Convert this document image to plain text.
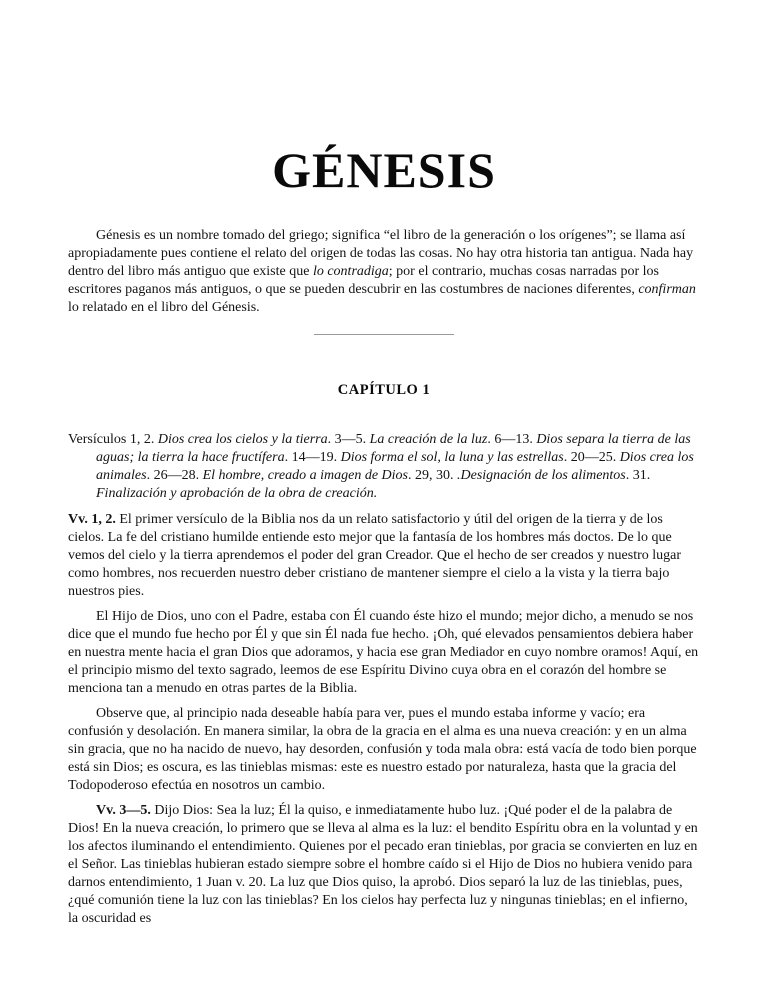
GÉNESIS

Génesis es un nombre tomado del griego; significa “el libro de la generación o los orígenes”; se llama así apropiadamente pues contiene el relato del origen de todas las cosas. No hay otra historia tan antigua. Nada hay dentro del libro más antiguo que existe que lo contradiga; por el contrario, muchas cosas narradas por los escritores paganos más antiguos, o que se pueden descubrir en las costumbres de naciones diferentes, confirman lo relatado en el libro del Génesis.

CAPÍTULO 1

Versículos 1, 2. Dios crea los cielos y la tierra. 3—5. La creación de la luz. 6—13. Dios separa la tierra de las aguas; la tierra la hace fructífera. 14—19. Dios forma el sol, la luna y las estrellas. 20—25. Dios crea los animales. 26—28. El hombre, creado a imagen de Dios. 29, 30. .Designación de los alimentos. 31. Finalización y aprobación de la obra de creación.

Vv. 1, 2. El primer versículo de la Biblia nos da un relato satisfactorio y útil del origen de la tierra y de los cielos. La fe del cristiano humilde entiende esto mejor que la fantasía de los hombres más doctos. De lo que vemos del cielo y la tierra aprendemos el poder del gran Creador. Que el hecho de ser creados y nuestro lugar como hombres, nos recuerden nuestro deber cristiano de mantener siempre el cielo a la vista y la tierra bajo nuestros pies.

El Hijo de Dios, uno con el Padre, estaba con Él cuando éste hizo el mundo; mejor dicho, a menudo se nos dice que el mundo fue hecho por Él y que sin Él nada fue hecho. ¡Oh, qué elevados pensamientos debiera haber en nuestra mente hacia el gran Dios que adoramos, y hacia ese gran Mediador en cuyo nombre oramos! Aquí, en el principio mismo del texto sagrado, leemos de ese Espíritu Divino cuya obra en el corazón del hombre se menciona tan a menudo en otras partes de la Biblia.

Observe que, al principio nada deseable había para ver, pues el mundo estaba informe y vacío; era confusión y desolación. En manera similar, la obra de la gracia en el alma es una nueva creación: y en un alma sin gracia, que no ha nacido de nuevo, hay desorden, confusión y toda mala obra: está vacía de todo bien porque está sin Dios; es oscura, es las tinieblas mismas: este es nuestro estado por naturaleza, hasta que la gracia del Todopoderoso efectúa en nosotros un cambio.

Vv. 3—5. Dijo Dios: Sea la luz; Él la quiso, e inmediatamente hubo luz. ¡Qué poder el de la palabra de Dios! En la nueva creación, lo primero que se lleva al alma es la luz: el bendito Espíritu obra en la voluntad y en los afectos iluminando el entendimiento. Quienes por el pecado eran tinieblas, por gracia se convierten en luz en el Señor. Las tinieblas hubieran estado siempre sobre el hombre caído si el Hijo de Dios no hubiera venido para darnos entendimiento, 1 Juan v. 20. La luz que Dios quiso, la aprobó. Dios separó la luz de las tinieblas, pues, ¿qué comunión tiene la luz con las tinieblas? En los cielos hay perfecta luz y ningunas tinieblas; en el infierno, la oscuridad es
